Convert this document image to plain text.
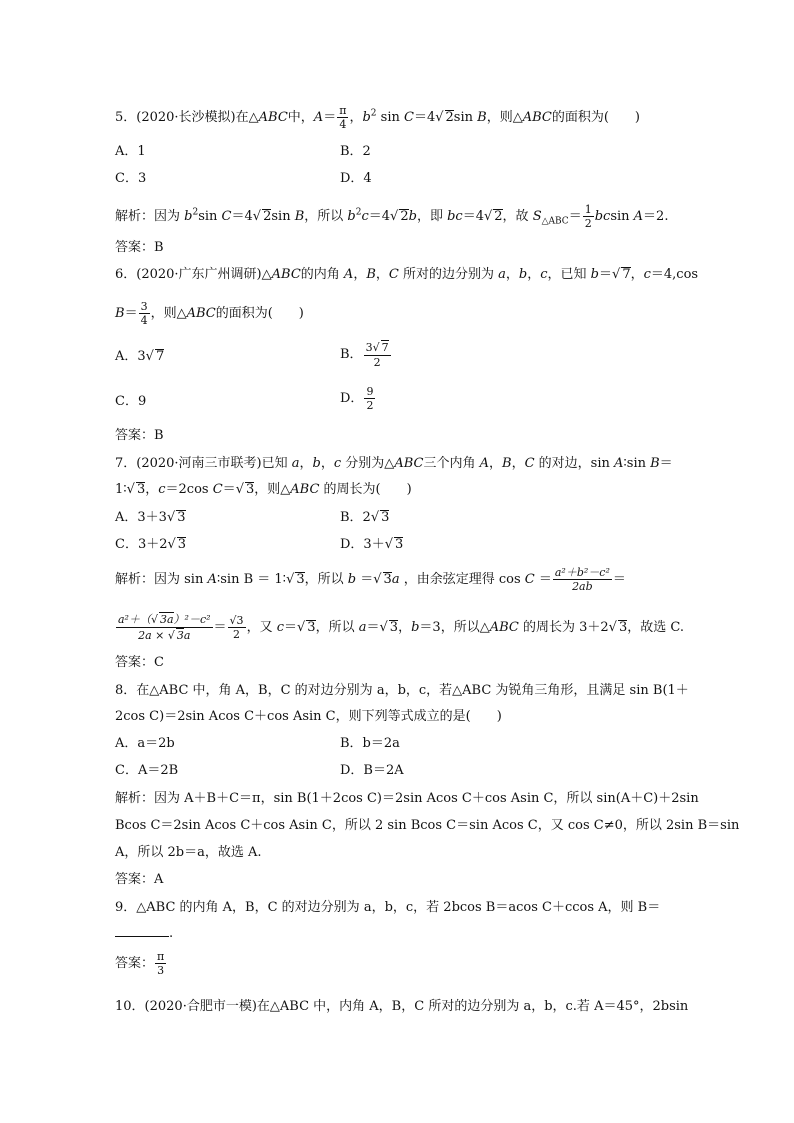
5．(2020·长沙模拟)在△ABC中，$A= \frac{\pi}{4}$ ，$b^2$ sin C＝4√ 2sin B，则△ABC的面积为(　　)
A．1	B．2
C．3	D．4
解析：因为 $b^2\sin$ C＝4√ 2sin B，所以 $b^2c=4√$ 2b，即 bc＝4√ 2，故 $S_{\triangle ABC}= \frac{1}{2}$ bcsin A＝2.
答案：B
6．(2020·广东广州调研)△ABC的内角 A，B，C 所对的边分别为 a，b，c，已知 b＝√ 7，c＝4,cos
$B= \frac{3}{4}$ ，则△ABC的面积为(　　)
A．3√ 7	B． $\frac{3√ 7}{2}$
C．9	D． $\frac{9}{2}$
答案：B
7．(2020·河南三市联考)已知 a，b，c 分别为△ABC三个内角 A，B，C 的对边，sin A∶sin B＝
1∶√ 3，c＝2cos C＝√ 3，则△ABC 的周长为(　　)
A．3＋3√ 3	B．2√ 3
C．3＋2√ 3	D．3＋√ 3
解析：因为 sin A∶sin B ＝ 1∶√ 3，所以 b ＝√ 3a ，由余弦定理得 $\cos C = \frac{\text{a²＋b²－c²}}{2ab}$ ＝
$\frac{\text{a²＋（√ 3a）²－c²}}{2a \times √ 3a} = \frac{√3}{2}$ ，又 c＝√ 3，所以 a＝√ 3，b＝3，所以△ABC 的周长为 3＋2√ 3，故选 C.
答案：C
8．在△ABC 中，角 A，B，C 的对边分别为 a，b，c，若△ABC 为锐角三角形，且满足 sin B(1＋
2cos C)＝2sin Acos C＋cos Asin C，则下列等式成立的是(　　)
A．a＝2b	B．b＝2a
C．A＝2B	D．B＝2A
解析：因为 A＋B＋C＝π，sin B(1＋2cos C)＝2sin Acos C＋cos Asin C，所以 sin(A＋C)＋2sin
Bcos C＝2sin Acos C＋cos Asin C，所以 2 sin Bcos C＝sin Acos C，又 cos C≠0，所以 2sin B＝sin
A，所以 2b＝a，故选 A.
答案：A
9．△ABC 的内角 A，B，C 的对边分别为 a，b，c，若 2bcos B＝acos C＋ccos A，则 B＝
.
答案： $\frac{\pi}{3}$
10．(2020·合肥市一模)在△ABC 中，内角 A，B，C 所对的边分别为 a，b，c.若 A＝45°，2bsin
